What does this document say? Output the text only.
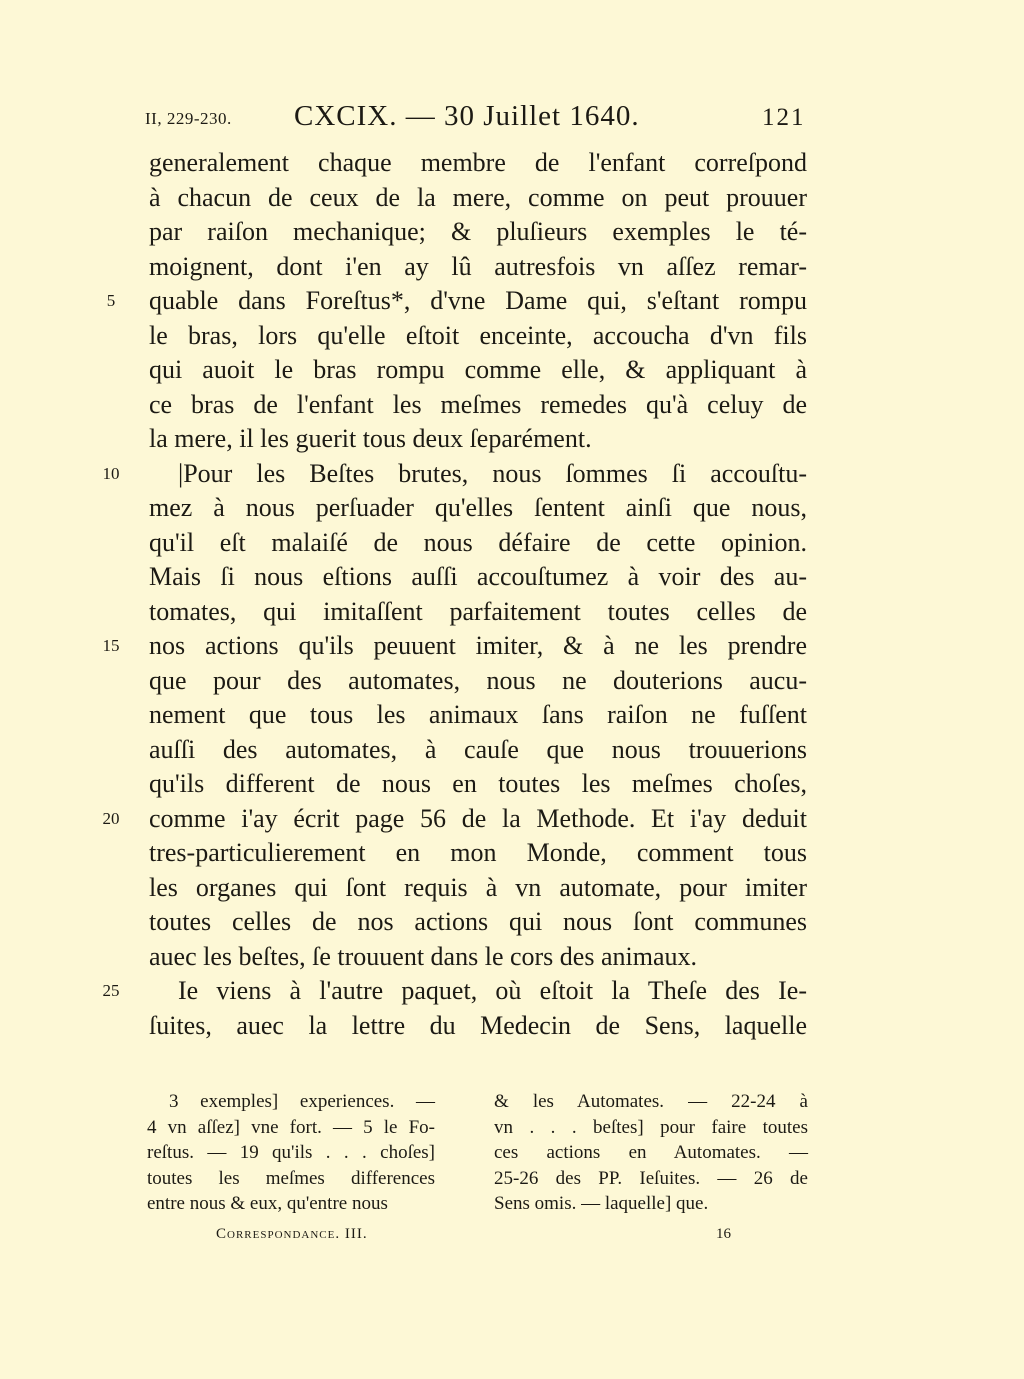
II, 229-230. CXCIX. — 30 Juillet 1640.	121
generalement chaque membre de l'enfant correſpond
à chacun de ceux de la mere, comme on peut prouuer
par raiſon mechanique; & pluſieurs exemples le té-
moignent, dont i'en ay lû autresfois vn aſſez remar-
quable dans Foreſtus*, d'vne Dame qui, s'eſtant rompu
5
le bras, lors qu'elle eſtoit enceinte, accoucha d'vn fils
qui auoit le bras rompu comme elle, & appliquant à
ce bras de l'enfant les meſmes remedes qu'à celuy de
la mere, il les guerit tous deux ſeparément.
|Pour les Beſtes brutes, nous ſommes ſi accouſtu-
10
mez à nous perſuader qu'elles ſentent ainſi que nous,
qu'il eſt malaiſé de nous défaire de cette opinion.
Mais ſi nous eſtions auſſi accouſtumez à voir des au-
tomates, qui imitaſſent parfaitement toutes celles de
nos actions qu'ils peuuent imiter, & à ne les prendre
15
que pour des automates, nous ne douterions aucu-
nement que tous les animaux ſans raiſon ne fuſſent
auſſi des automates, à cauſe que nous trouuerions
qu'ils different de nous en toutes les meſmes choſes,
comme i'ay écrit page 56 de la Methode. Et i'ay deduit
20
tres-particulierement en mon Monde, comment tous
les organes qui ſont requis à vn automate, pour imiter
toutes celles de nos actions qui nous ſont communes
auec les beſtes, ſe trouuent dans le cors des animaux.
Ie viens à l'autre paquet, où eſtoit la Theſe des Ie-
25
ſuites, auec la lettre du Medecin de Sens, laquelle
3 exemples] experiences. —
4 vn aſſez] vne fort. — 5 le Fo-
reſtus. — 19 qu'ils . . . choſes]
toutes les meſmes differences
entre nous & eux, qu'entre nous
& les Automates. — 22-24 à
vn . . . beſtes] pour faire toutes
ces actions en Automates. —
25-26 des PP. Ieſuites. — 26 de
Sens omis. — laquelle] que.
Correspondance. III.	16
